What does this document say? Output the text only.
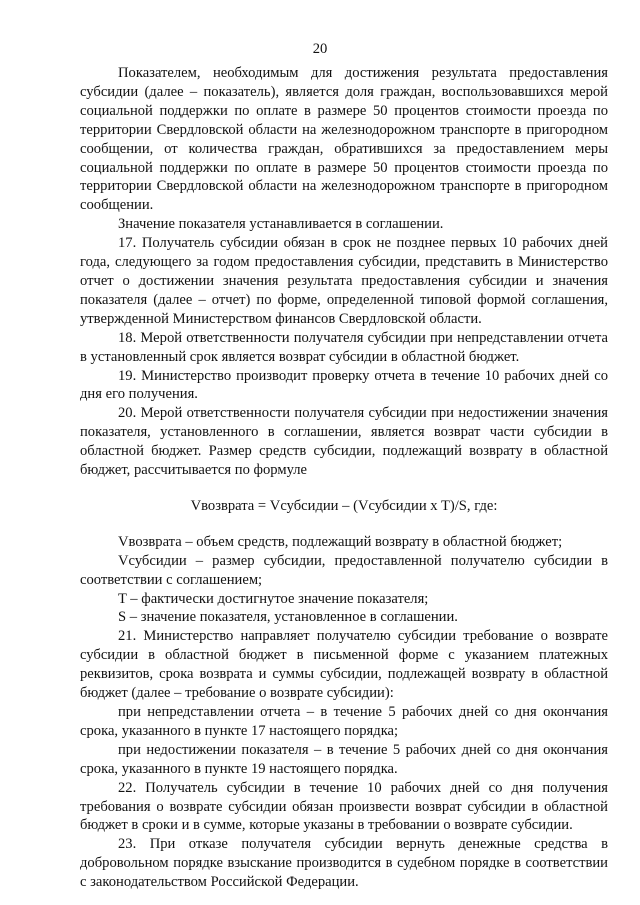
20

Показателем, необходимым для достижения результата предоставления субсидии (далее – показатель), является доля граждан, воспользовавшихся мерой социальной поддержки по оплате в размере 50 процентов стоимости проезда по территории Свердловской области на железнодорожном транспорте в пригородном сообщении, от количества граждан, обратившихся за предоставлением меры социальной поддержки по оплате в размере 50 процентов стоимости проезда по территории Свердловской области на железнодорожном транспорте в пригородном сообщении.

Значение показателя устанавливается в соглашении.

17. Получатель субсидии обязан в срок не позднее первых 10 рабочих дней года, следующего за годом предоставления субсидии, представить в Министерство отчет о достижении значения результата предоставления субсидии и значения показателя (далее – отчет) по форме, определенной типовой формой соглашения, утвержденной Министерством финансов Свердловской области.

18. Мерой ответственности получателя субсидии при непредставлении отчета в установленный срок является возврат субсидии в областной бюджет.

19. Министерство производит проверку отчета в течение 10 рабочих дней со дня его получения.

20. Мерой ответственности получателя субсидии при недостижении значения показателя, установленного в соглашении, является возврат части субсидии в областной бюджет. Размер средств субсидии, подлежащий возврату в областной бюджет, рассчитывается по формуле

Vвозврата = Vсубсидии – (Vсубсидии x T)/S, где:

Vвозврата – объем средств, подлежащий возврату в областной бюджет;

Vсубсидии – размер субсидии, предоставленной получателю субсидии в соответствии с соглашением;

T – фактически достигнутое значение показателя;

S – значение показателя, установленное в соглашении.

21. Министерство направляет получателю субсидии требование о возврате субсидии в областной бюджет в письменной форме с указанием платежных реквизитов, срока возврата и суммы субсидии, подлежащей возврату в областной бюджет (далее – требование о возврате субсидии):

при непредставлении отчета – в течение 5 рабочих дней со дня окончания срока, указанного в пункте 17 настоящего порядка;

при недостижении показателя – в течение 5 рабочих дней со дня окончания срока, указанного в пункте 19 настоящего порядка.

22. Получатель субсидии в течение 10 рабочих дней со дня получения требования о возврате субсидии обязан произвести возврат субсидии в областной бюджет в сроки и в сумме, которые указаны в требовании о возврате субсидии.

23. При отказе получателя субсидии вернуть денежные средства в добровольном порядке взыскание производится в судебном порядке в соответствии с законодательством Российской Федерации.
